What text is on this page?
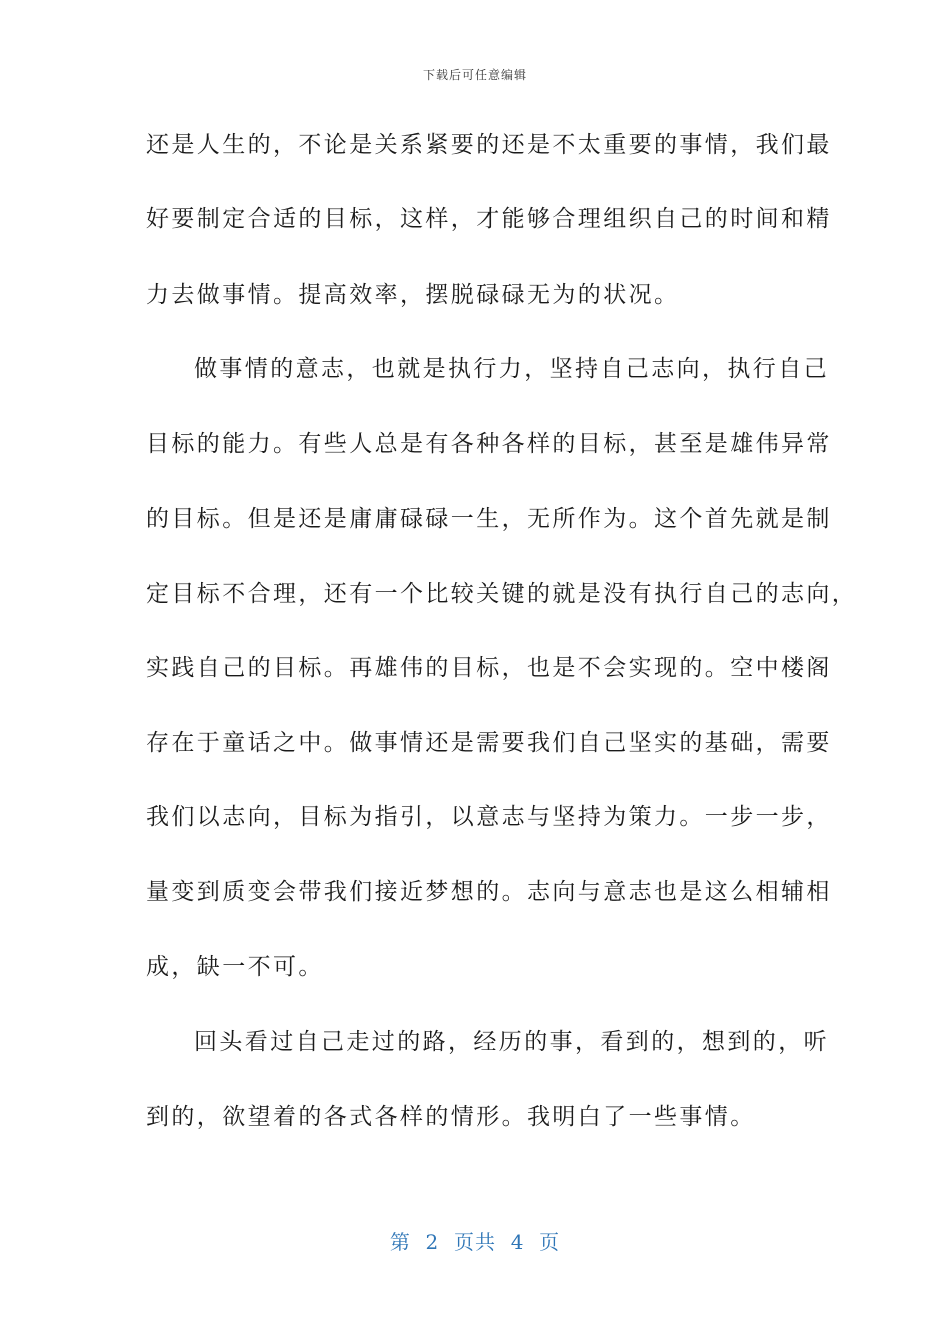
下载后可任意编辑
还是人生的，不论是关系紧要的还是不太重要的事情，我们最
好要制定合适的目标，这样，才能够合理组织自己的时间和精
力去做事情。提高效率，摆脱碌碌无为的状况。
做事情的意志，也就是执行力，坚持自己志向，执行自己
目标的能力。有些人总是有各种各样的目标，甚至是雄伟异常
的目标。但是还是庸庸碌碌一生，无所作为。这个首先就是制
定目标不合理，还有一个比较关键的就是没有执行自己的志向，
实践自己的目标。再雄伟的目标，也是不会实现的。空中楼阁
存在于童话之中。做事情还是需要我们自己坚实的基础，需要
我们以志向，目标为指引，以意志与坚持为策力。一步一步，
量变到质变会带我们接近梦想的。志向与意志也是这么相辅相
成，缺一不可。
回头看过自己走过的路，经历的事，看到的，想到的，听
到的，欲望着的各式各样的情形。我明白了一些事情。
第  2  页共  4  页
